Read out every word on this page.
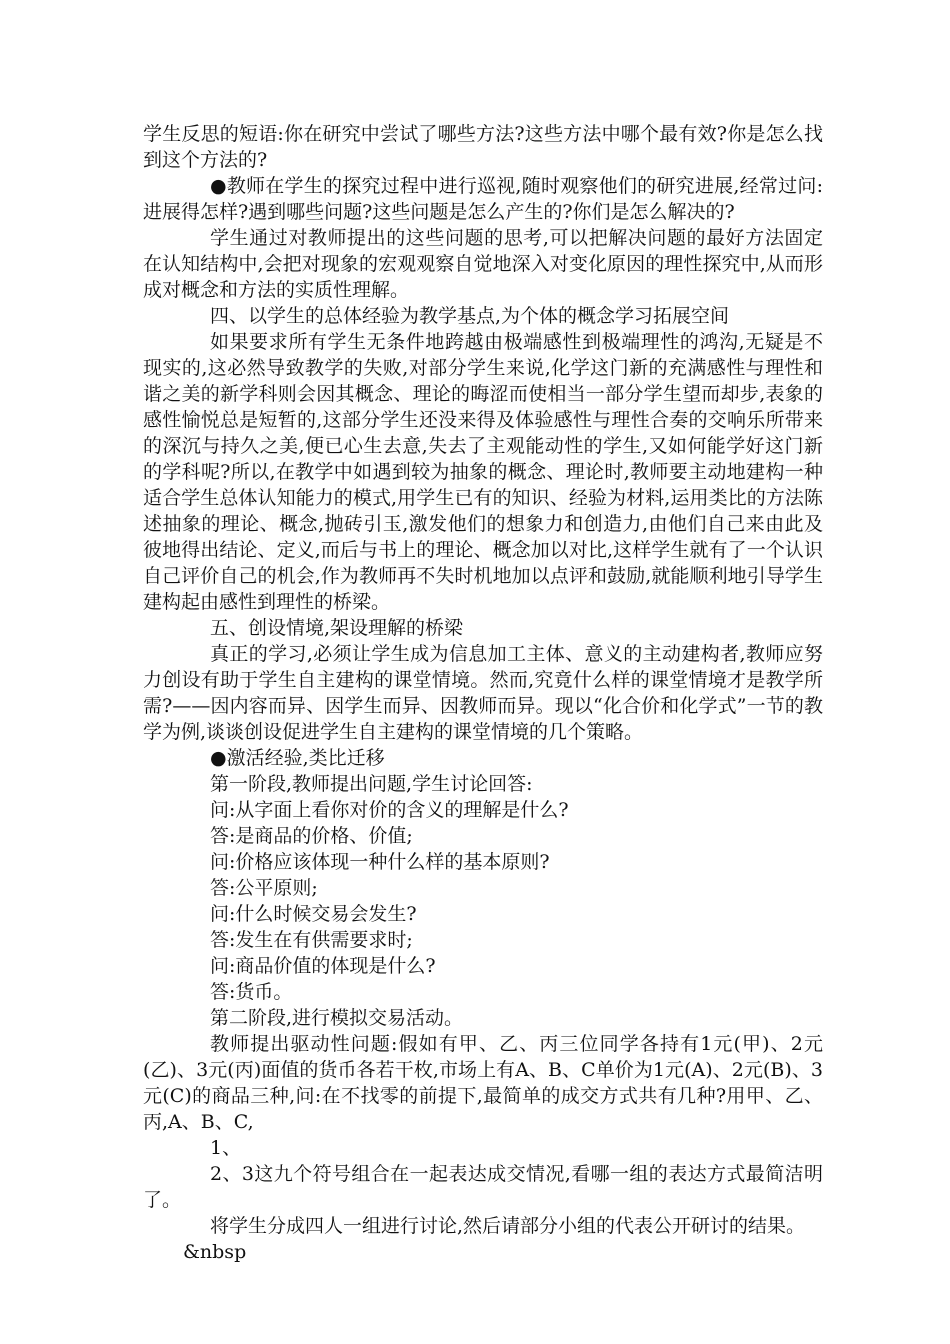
学生反思的短语:你在研究中尝试了哪些方法?这些方法中哪个最有效?你是怎么找到这个方法的?

●教师在学生的探究过程中进行巡视,随时观察他们的研究进展,经常过问:进展得怎样?遇到哪些问题?这些问题是怎么产生的?你们是怎么解决的?

学生通过对教师提出的这些问题的思考,可以把解决问题的最好方法固定在认知结构中,会把对现象的宏观观察自觉地深入对变化原因的理性探究中,从而形成对概念和方法的实质性理解。

四、以学生的总体经验为教学基点,为个体的概念学习拓展空间

如果要求所有学生无条件地跨越由极端感性到极端理性的鸿沟,无疑是不现实的,这必然导致教学的失败,对部分学生来说,化学这门新的充满感性与理性和谐之美的新学科则会因其概念、理论的晦涩而使相当一部分学生望而却步,表象的感性愉悦总是短暂的,这部分学生还没来得及体验感性与理性合奏的交响乐所带来的深沉与持久之美,便已心生去意,失去了主观能动性的学生,又如何能学好这门新的学科呢?所以,在教学中如遇到较为抽象的概念、理论时,教师要主动地建构一种适合学生总体认知能力的模式,用学生已有的知识、经验为材料,运用类比的方法陈述抽象的理论、概念,抛砖引玉,激发他们的想象力和创造力,由他们自己来由此及彼地得出结论、定义,而后与书上的理论、概念加以对比,这样学生就有了一个认识自己评价自己的机会,作为教师再不失时机地加以点评和鼓励,就能顺利地引导学生建构起由感性到理性的桥梁。

五、创设情境,架设理解的桥梁

真正的学习,必须让学生成为信息加工主体、意义的主动建构者,教师应努力创设有助于学生自主建构的课堂情境。然而,究竟什么样的课堂情境才是教学所需?——因内容而异、因学生而异、因教师而异。现以“化合价和化学式”一节的教学为例,谈谈创设促进学生自主建构的课堂情境的几个策略。

●激活经验,类比迁移

第一阶段,教师提出问题,学生讨论回答:

问:从字面上看你对价的含义的理解是什么?

答:是商品的价格、价值;

问:价格应该体现一种什么样的基本原则?

答:公平原则;

问:什么时候交易会发生?

答:发生在有供需要求时;

问:商品价值的体现是什么?

答:货币。

第二阶段,进行模拟交易活动。

教师提出驱动性问题:假如有甲、乙、丙三位同学各持有1元(甲)、2元(乙)、3元(丙)面值的货币各若干枚,市场上有A、B、C单价为1元(A)、2元(B)、3元(C)的商品三种,问:在不找零的前提下,最简单的成交方式共有几种?用甲、乙、丙,A、B、C,

1、

2、3这九个符号组合在一起表达成交情况,看哪一组的表达方式最简洁明了。

将学生分成四人一组进行讨论,然后请部分小组的代表公开研讨的结果。

&nbsp
